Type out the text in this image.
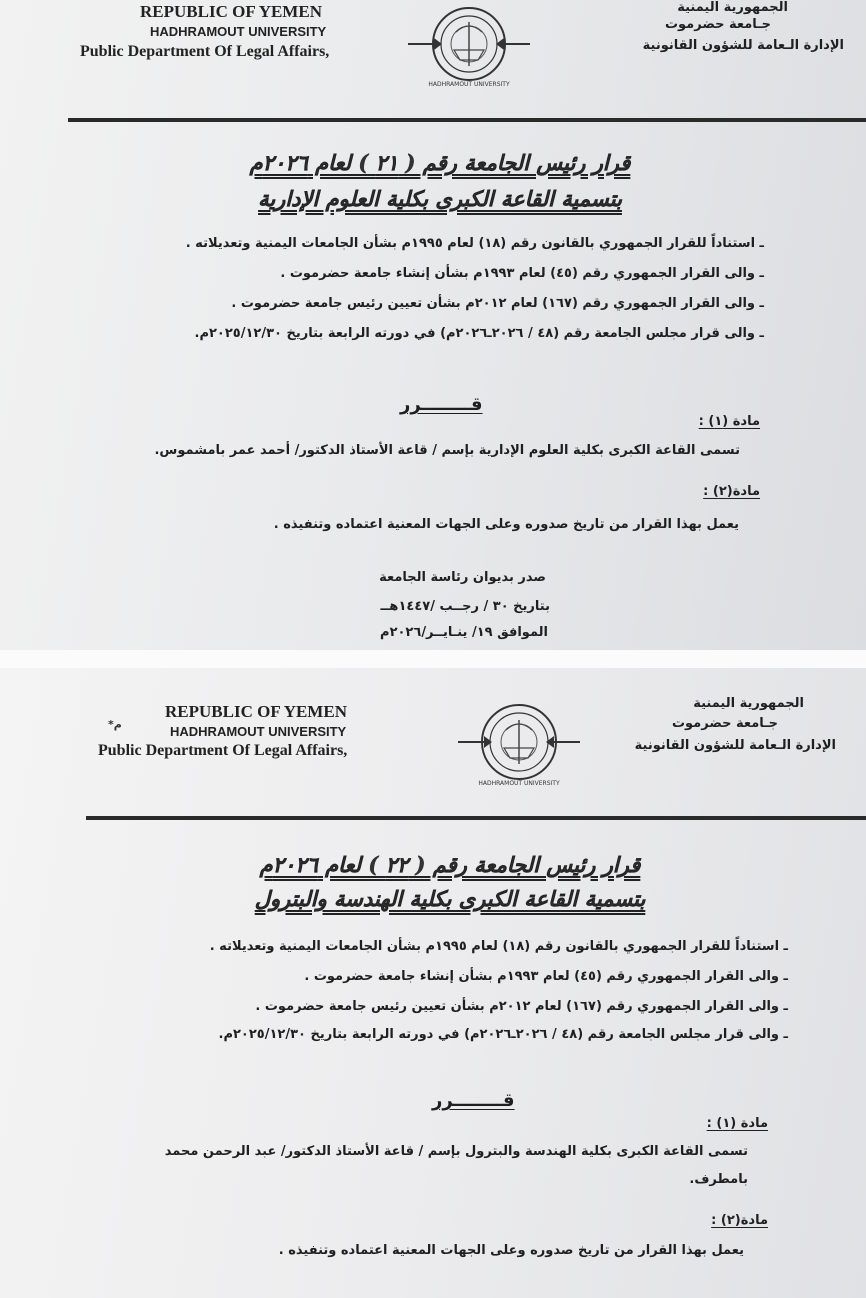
REPUBLIC OF YEMEN
HADHRAMOUT UNIVERSITY
Public Department Of Legal Affairs,
HADHRAMOUT UNIVERSITY
الجمهورية اليمنية
جـامعة حضرموت
الإدارة الـعامة للشؤون القانونية
قرار رئيس الجامعة رقم ( ٢١ ) لعام ٢٠٢٦م
بتسمية القاعة الكبرى بكلية العلوم الإدارية
ـ استناداً للقرار الجمهوري بالقانون رقم (١٨) لعام ١٩٩٥م بشأن الجامعات اليمنية وتعديلاته .
ـ والى القرار الجمهوري رقم (٤٥) لعام ١٩٩٣م بشأن إنشاء جامعة حضرموت .
ـ والى القرار الجمهوري رقم (١٦٧) لعام ٢٠١٢م بشأن تعيين رئيس جامعة حضرموت .
ـ والى قرار مجلس الجامعة رقم (٤٨ / ٢٠٢٦ـ٢٠٢٦م) في دورته الرابعة بتاريخ ٢٠٢٥/١٢/٣٠م.
قــــــــرر
مادة (١) :
تسمى القاعة الكبرى بكلية العلوم الإدارية بإسم / قاعة الأستاذ الدكتور/ أحمد عمر بامشموس.
مادة(٢) :
يعمل بهذا القرار من تاريخ صدوره وعلى الجهات المعنية اعتماده وتنفيذه .
صدر بديوان رئاسة الجامعة
بتاريخ ٣٠ / رجــب /١٤٤٧هــ
الموافق ١٩/ ينـايــر/٢٠٢٦م
*م
REPUBLIC OF YEMEN
HADHRAMOUT UNIVERSITY
Public Department Of Legal Affairs,
HADHRAMOUT UNIVERSITY
الجمهورية اليمنية
جـامعة حضرموت
الإدارة الـعامة للشؤون القانونية
قرار رئيس الجامعة رقم ( ٢٢ ) لعام ٢٠٢٦م
بتسمية القاعة الكبرى بكلية الهندسة والبترول
ـ استناداً للقرار الجمهوري بالقانون رقم (١٨) لعام ١٩٩٥م بشأن الجامعات اليمنية وتعديلاته .
ـ والى القرار الجمهوري رقم (٤٥) لعام ١٩٩٣م بشأن إنشاء جامعة حضرموت .
ـ والى القرار الجمهوري رقم (١٦٧) لعام ٢٠١٢م بشأن تعيين رئيس جامعة حضرموت .
ـ والى قرار مجلس الجامعة رقم (٤٨ / ٢٠٢٦ـ٢٠٢٦م) في دورته الرابعة بتاريخ ٢٠٢٥/١٢/٣٠م.
قــــــــرر
مادة (١) :
تسمى القاعة الكبرى بكلية الهندسة والبترول بإسم / قاعة الأستاذ الدكتور/ عبد الرحمن محمد
بامطرف.
مادة(٢) :
يعمل بهذا القرار من تاريخ صدوره وعلى الجهات المعنية اعتماده وتنفيذه .
